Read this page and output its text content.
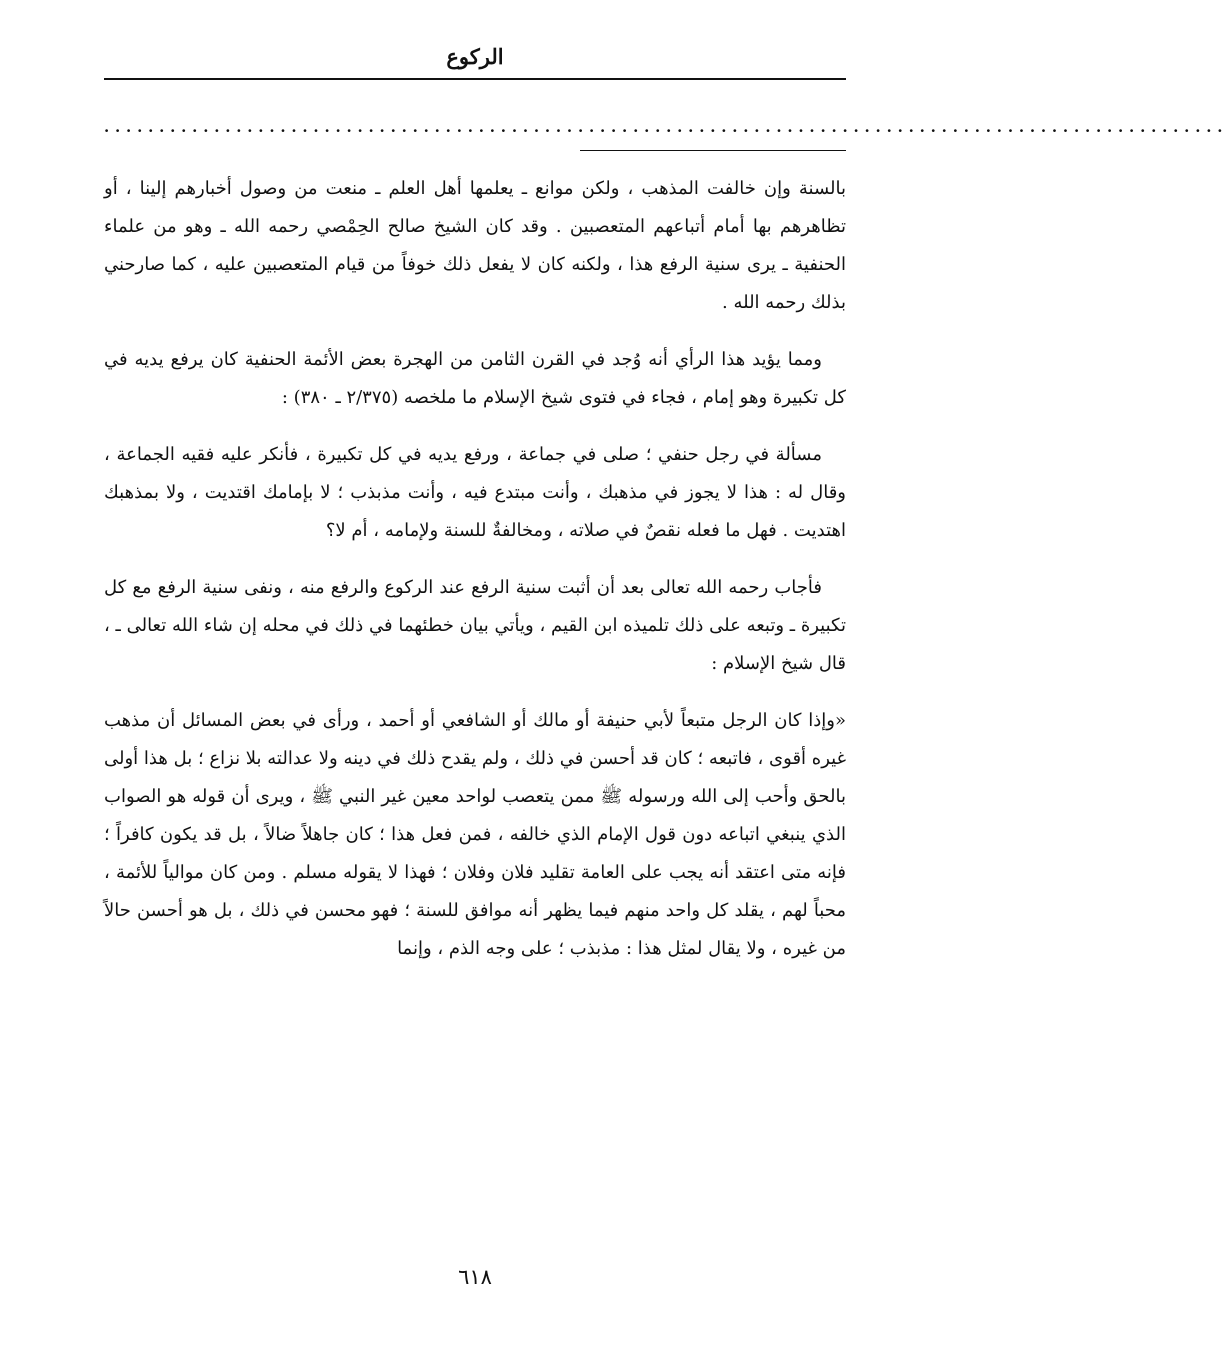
الركوع
......................................................................................................

بالسنة وإن خالفت المذهب ، ولكن موانع ـ يعلمها أهل العلم ـ منعت من وصول أخبارهم إلينا ، أو تظاهرهم بها أمام أتباعهم المتعصبين . وقد كان الشيخ صالح الحِمْصي رحمه الله ـ وهو من علماء الحنفية ـ يرى سنية الرفع هذا ، ولكنه كان لا يفعل ذلك خوفاً من قيام المتعصبين عليه ، كما صارحني بذلك رحمه الله .

ومما يؤيد هذا الرأي أنه وُجد في القرن الثامن من الهجرة بعض الأئمة الحنفية كان يرفع يديه في كل تكبيرة وهو إمام ، فجاء في فتوى شيخ الإسلام ما ملخصه (٢/٣٧٥ ـ ٣٨٠) :

مسألة في رجل حنفي ؛ صلى في جماعة ، ورفع يديه في كل تكبيرة ، فأنكر عليه فقيه الجماعة ، وقال له : هذا لا يجوز في مذهبك ، وأنت مبتدع فيه ، وأنت مذبذب ؛ لا بإمامك اقتديت ، ولا بمذهبك اهتديت . فهل ما فعله نقصٌ في صلاته ، ومخالفةٌ للسنة ولإمامه ، أم لا؟

فأجاب رحمه الله تعالى بعد أن أثبت سنية الرفع عند الركوع والرفع منه ، ونفى سنية الرفع مع كل تكبيرة ـ وتبعه على ذلك تلميذه ابن القيم ، ويأتي بيان خطئهما في ذلك في محله إن شاء الله تعالى ـ ، قال شيخ الإسلام :

«وإذا كان الرجل متبعاً لأبي حنيفة أو مالك أو الشافعي أو أحمد ، ورأى في بعض المسائل أن مذهب غيره أقوى ، فاتبعه ؛ كان قد أحسن في ذلك ، ولم يقدح ذلك في دينه ولا عدالته بلا نزاع ؛ بل هذا أولى بالحق وأحب إلى الله ورسوله ﷺ ممن يتعصب لواحد معين غير النبي ﷺ ، ويرى أن قوله هو الصواب الذي ينبغي اتباعه دون قول الإمام الذي خالفه ، فمن فعل هذا ؛ كان جاهلاً ضالاً ، بل قد يكون كافراً ؛ فإنه متى اعتقد أنه يجب على العامة تقليد فلان وفلان ؛ فهذا لا يقوله مسلم . ومن كان موالياً للأئمة ، محباً لهم ، يقلد كل واحد منهم فيما يظهر أنه موافق للسنة ؛ فهو محسن في ذلك ، بل هو أحسن حالاً من غيره ، ولا يقال لمثل هذا : مذبذب ؛ على وجه الذم ، وإنما

٦١٨
